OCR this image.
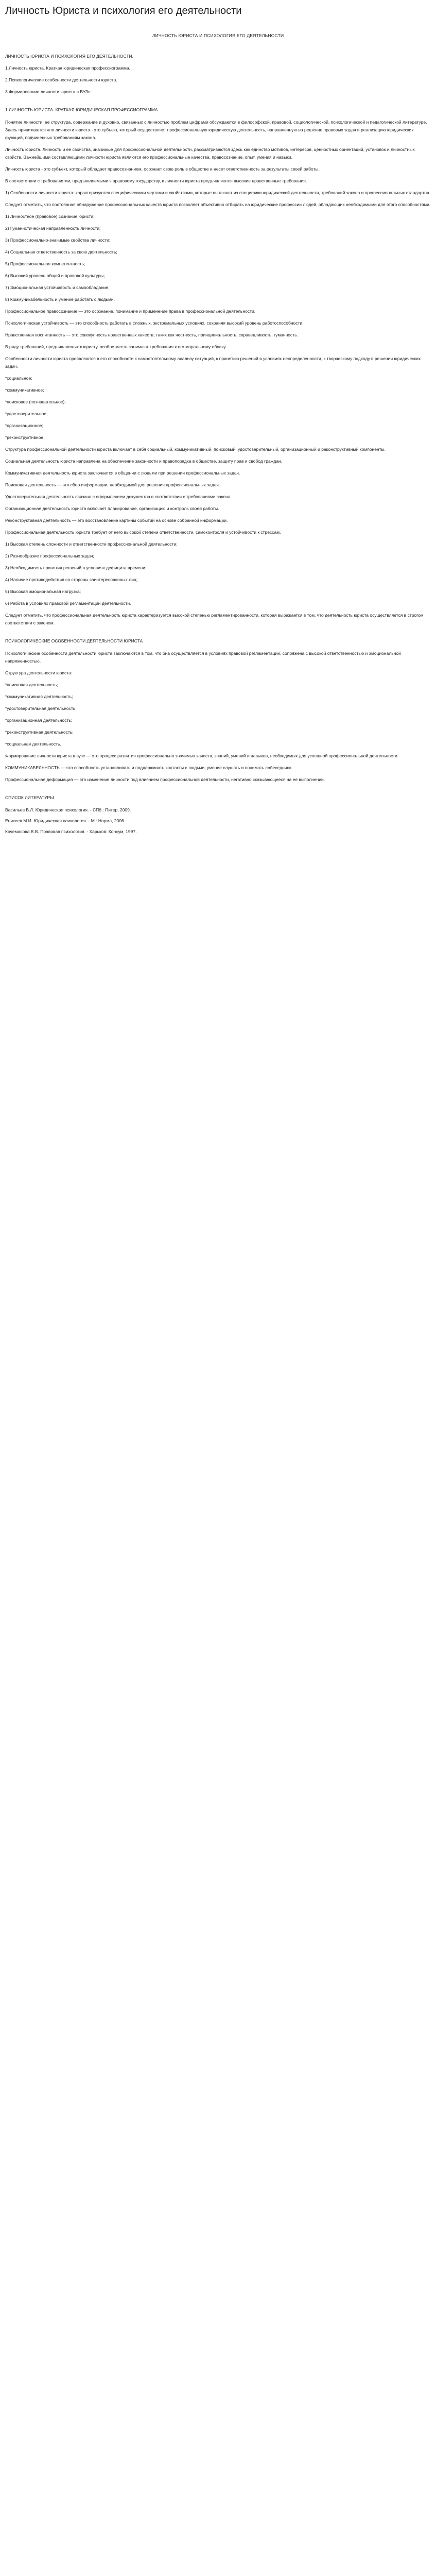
Личность Юриста и психология его деятельности
ЛИЧНОСТЬ ЮРИСТА И ПСИХОЛОГИЯ ЕГО ДЕЯТЕЛЬНОСТИ

ЛИЧНОСТЬ ЮРИСТА И ПСИХОЛОГИЯ ЕГО ДЕЯТЕЛЬНОСТИ.

1.Личность юриста. Краткая юридическая профессиограмма.

2.Психологические особенности деятельности юриста.

3.Формирование личности юриста в ВУЗе.

1.ЛИЧНОСТЬ ЮРИСТА. КРАТКАЯ ЮРИДИЧЕСКАЯ ПРОФЕССИОГРАММА.

Понятие личности, ее структура, содержание и духовно, связанных с личностью проблем цифрами обсуждаются в философской, правовой, социологической, психологической и педагогической литературе. Здесь принимаются «по личности юриста - это субъект, который осуществляет профессиональную юридическую деятельность, направленную на решение правовых задач и реализацию юридических функций, подчиненных требованиям закона.

Личность юриста. Личность и ее свойства, значимые для профессиональной деятельности, рассматриваются здесь как единство мотивов, интересов, ценностных ориентаций, установок и личностных свойств. Важнейшими составляющими личности юриста являются его профессиональные качества, правосознание, опыт, умения и навыки.

Личность юриста - это субъект, который обладает правосознанием, осознает свою роль в обществе и несет ответственность за результаты своей работы.

В соответствии с требованиями, предъявляемыми к правовому государству, к личности юриста предъявляются высокие нравственные требования.

1) Особенности личности юриста: характеризуются специфическими чертами и свойствами, которые вытекают из специфики юридической деятельности, требований закона и профессиональных стандартов.

Следует отметить, что постоянная обнаружение профессиональных качеств юриста позволяет объективно отбирать на юридические профессии людей, обладающих необходимыми для этого способностями.

1) Личностное (правовое) сознание юриста;

2) Гуманистическая направленность личности;

3) Профессионально-значимые свойства личности;

4) Социальная ответственность за свою деятельность;

5) Профессиональная компетентность;

6) Высокий уровень общей и правовой культуры;

7) Эмоциональная устойчивость и самообладание;

8) Коммуникабельность и умение работать с людьми.

Профессиональное правосознание — это осознание, понимание и применение права в профессиональной деятельности.

Психологическая устойчивость — это способность работать в сложных, экстремальных условиях, сохраняя высокий уровень работоспособности.

Нравственная воспитанность — это совокупность нравственных качеств, таких как честность, принципиальность, справедливость, гуманность.

В ряду требований, предъявляемых к юристу, особое место занимают требования к его моральному облику.

Особенности личности юриста проявляются в его способности к самостоятельному анализу ситуаций, к принятию решений в условиях неопределенности, к творческому подходу в решении юридических задач.

*социальное;

*коммуникативное;

*поисковое (познавательное);

*удостоверительное;

*организационное;

*реконструктивное.

Структура профессиональной деятельности юриста включает в себя социальный, коммуникативный, поисковый, удостоверительный, организационный и реконструктивный компоненты.

Социальная деятельность юриста направлена на обеспечение законности и правопорядка в обществе, защиту прав и свобод граждан.

Коммуникативная деятельность юриста заключается в общении с людьми при решении профессиональных задач.

Поисковая деятельность — это сбор информации, необходимой для решения профессиональных задач.

Удостоверительная деятельность связана с оформлением документов в соответствии с требованиями закона.

Организационная деятельность юриста включает планирование, организацию и контроль своей работы.

Реконструктивная деятельность — это восстановление картины событий на основе собранной информации.

Профессиональная деятельность юриста требует от него высокой степени ответственности, самоконтроля и устойчивости к стрессам.

1) Высокая степень сложности и ответственности профессиональной деятельности;

2) Разнообразие профессиональных задач;

3) Необходимость принятия решений в условиях дефицита времени;

4) Наличие противодействия со стороны заинтересованных лиц;

5) Высокая эмоциональная нагрузка;

6) Работа в условиях правовой регламентации деятельности.

Следует отметить, что профессиональная деятельность юриста характеризуется высокой степенью регламентированности, которая выражается в том, что деятельность юриста осуществляется в строгом соответствии с законом.

ПСИХОЛОГИЧЕСКИЕ ОСОБЕННОСТИ ДЕЯТЕЛЬНОСТИ ЮРИСТА

Психологические особенности деятельности юриста заключаются в том, что она осуществляется в условиях правовой регламентации, сопряжена с высокой ответственностью и эмоциональной напряженностью.

Структура деятельности юриста:

*поисковая деятельность;

*коммуникативная деятельность;

*удостоверительная деятельность;

*организационная деятельность;

*реконструктивная деятельность;

*социальная деятельность.

Формирование личности юриста в вузе — это процесс развития профессионально значимых качеств, знаний, умений и навыков, необходимых для успешной профессиональной деятельности.

КОММУНИКАБЕЛЬНОСТЬ — это способность устанавливать и поддерживать контакты с людьми, умение слушать и понимать собеседника.

Профессиональная деформация — это изменение личности под влиянием профессиональной деятельности, негативно сказывающееся на ее выполнении.

СПИСОК ЛИТЕРАТУРЫ

Васильев В.Л. Юридическая психология. - СПб.: Питер, 2009.

Еникеев М.И. Юридическая психология. - М.: Норма, 2006.

Кочемасова В.В. Правовая психология. - Харьков: Консум, 1997.
